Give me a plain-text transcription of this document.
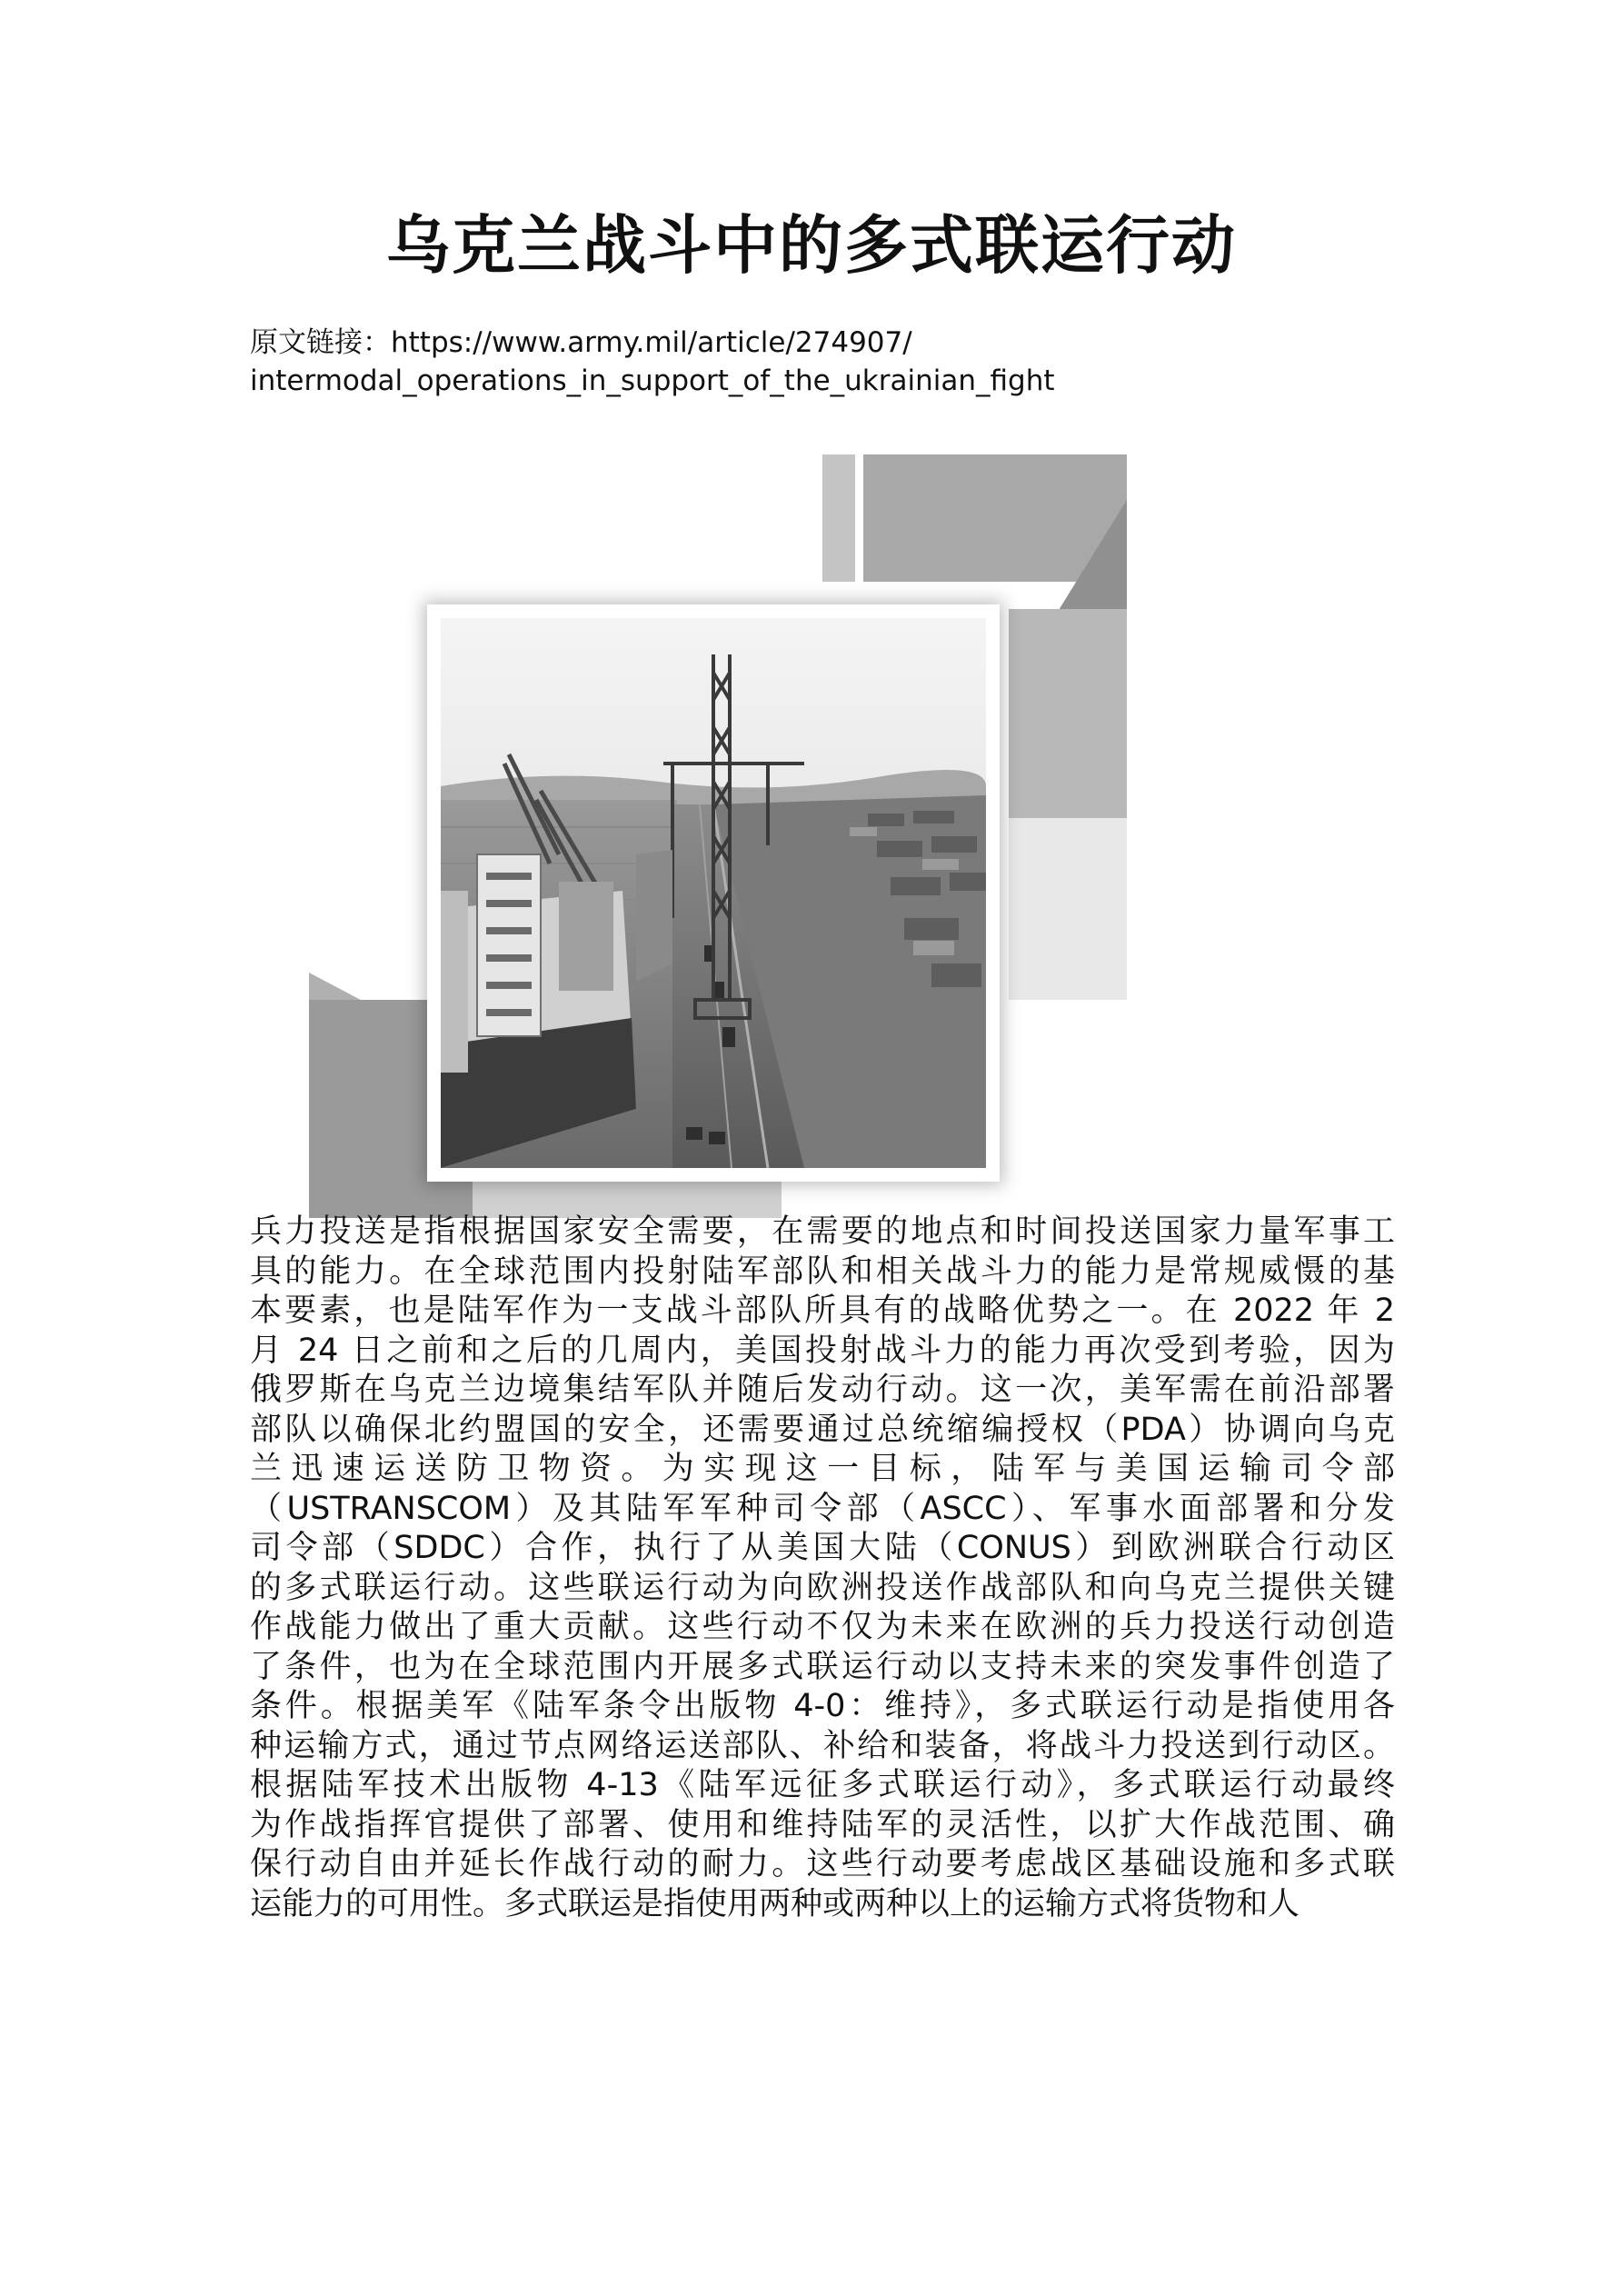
乌克兰战斗中的多式联运行动
原文链接：https://www.army.mil/article/274907/
intermodal_operations_in_support_of_the_ukrainian_fight
兵力投送是指根据国家安全需要，在需要的地点和时间投送国家力量军事工
具的能力。在全球范围内投射陆军部队和相关战斗力的能力是常规威慑的基
本要素，也是陆军作为一支战斗部队所具有的战略优势之一。在 2022 年 2
月 24 日之前和之后的几周内，美国投射战斗力的能力再次受到考验，因为
俄罗斯在乌克兰边境集结军队并随后发动行动。这一次，美军需在前沿部署
部队以确保北约盟国的安全，还需要通过总统缩编授权（PDA）协调向乌克
兰迅速运送防卫物资。为实现这一目标，陆军与美国运输司令部
（USTRANSCOM）及其陆军军种司令部（ASCC）、军事水面部署和分发
司令部（SDDC）合作，执行了从美国大陆（CONUS）到欧洲联合行动区
的多式联运行动。这些联运行动为向欧洲投送作战部队和向乌克兰提供关键
作战能力做出了重大贡献。这些行动不仅为未来在欧洲的兵力投送行动创造
了条件，也为在全球范围内开展多式联运行动以支持未来的突发事件创造了
条件。根据美军《陆军条令出版物 4-0：维持》，多式联运行动是指使用各
种运输方式，通过节点网络运送部队、补给和装备，将战斗力投送到行动区。
根据陆军技术出版物 4-13《陆军远征多式联运行动》，多式联运行动最终
为作战指挥官提供了部署、使用和维持陆军的灵活性，以扩大作战范围、确
保行动自由并延长作战行动的耐力。这些行动要考虑战区基础设施和多式联
运能力的可用性。多式联运是指使用两种或两种以上的运输方式将货物和人
